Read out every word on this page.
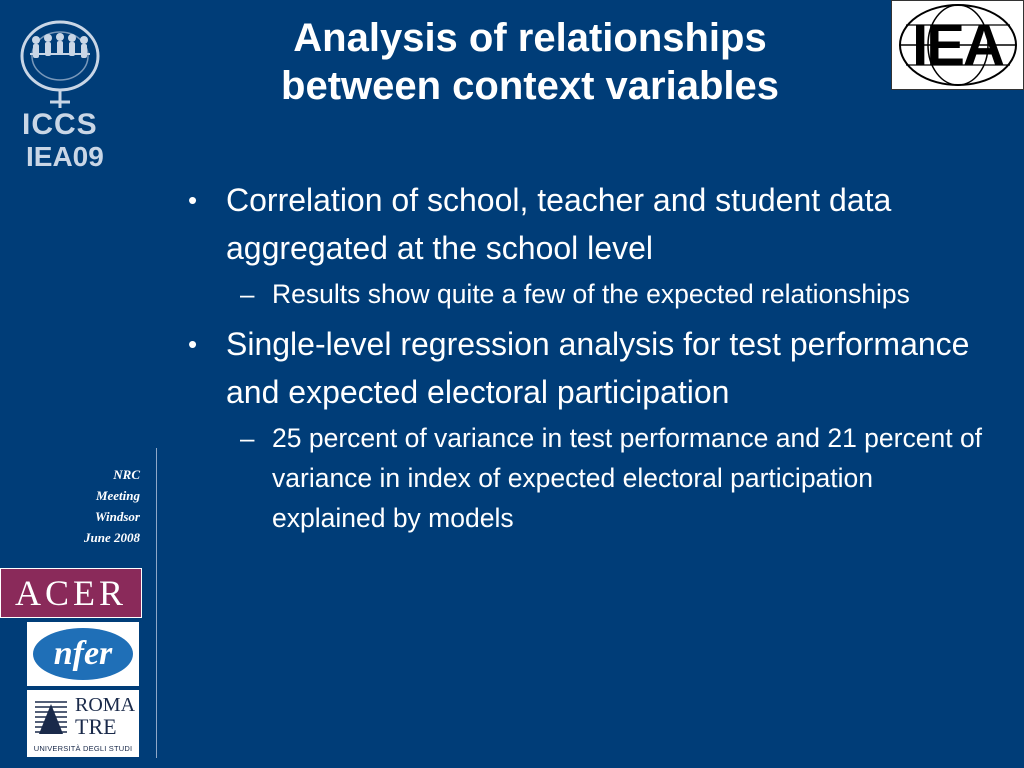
ICCS
IEA09
Analysis of relationships
between context variables
IEA
NRC
Meeting
Windsor
June 2008
ACER
nfer
ROMA
TRE
UNIVERSITÀ DEGLI STUDI

• Correlation of school, teacher and student data aggregated at the school level

– Results show quite a few of the expected relationships

• Single-level regression analysis for test performance and expected electoral participation

– 25 percent of variance in test performance and 21 percent of variance in index of expected electoral participation explained by models
